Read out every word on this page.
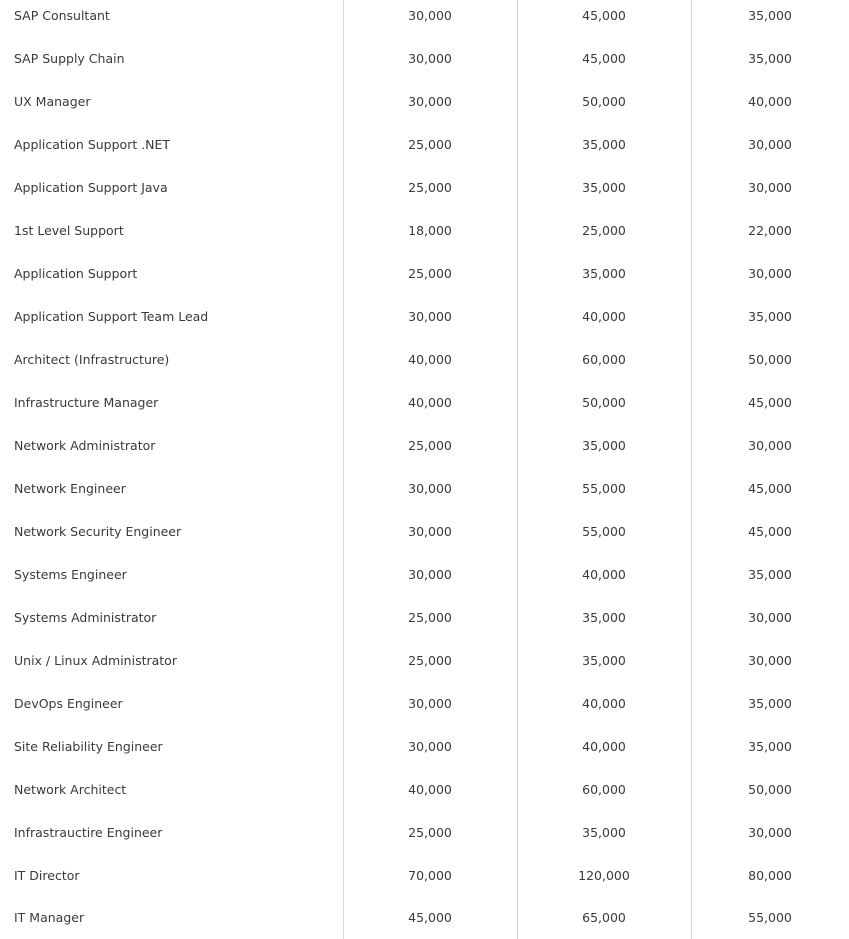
SAP Consultant	30,000	45,000	35,000
SAP Supply Chain	30,000	45,000	35,000
UX Manager	30,000	50,000	40,000
Application Support .NET	25,000	35,000	30,000
Application Support Java	25,000	35,000	30,000
1st Level Support	18,000	25,000	22,000
Application Support	25,000	35,000	30,000
Application Support Team Lead	30,000	40,000	35,000
Architect (Infrastructure)	40,000	60,000	50,000
Infrastructure Manager	40,000	50,000	45,000
Network Administrator	25,000	35,000	30,000
Network Engineer	30,000	55,000	45,000
Network Security Engineer	30,000	55,000	45,000
Systems Engineer	30,000	40,000	35,000
Systems Administrator	25,000	35,000	30,000
Unix / Linux Administrator	25,000	35,000	30,000
DevOps Engineer	30,000	40,000	35,000
Site Reliability Engineer	30,000	40,000	35,000
Network Architect	40,000	60,000	50,000
Infrastrauctire Engineer	25,000	35,000	30,000
IT Director	70,000	120,000	80,000
IT Manager	45,000	65,000	55,000
